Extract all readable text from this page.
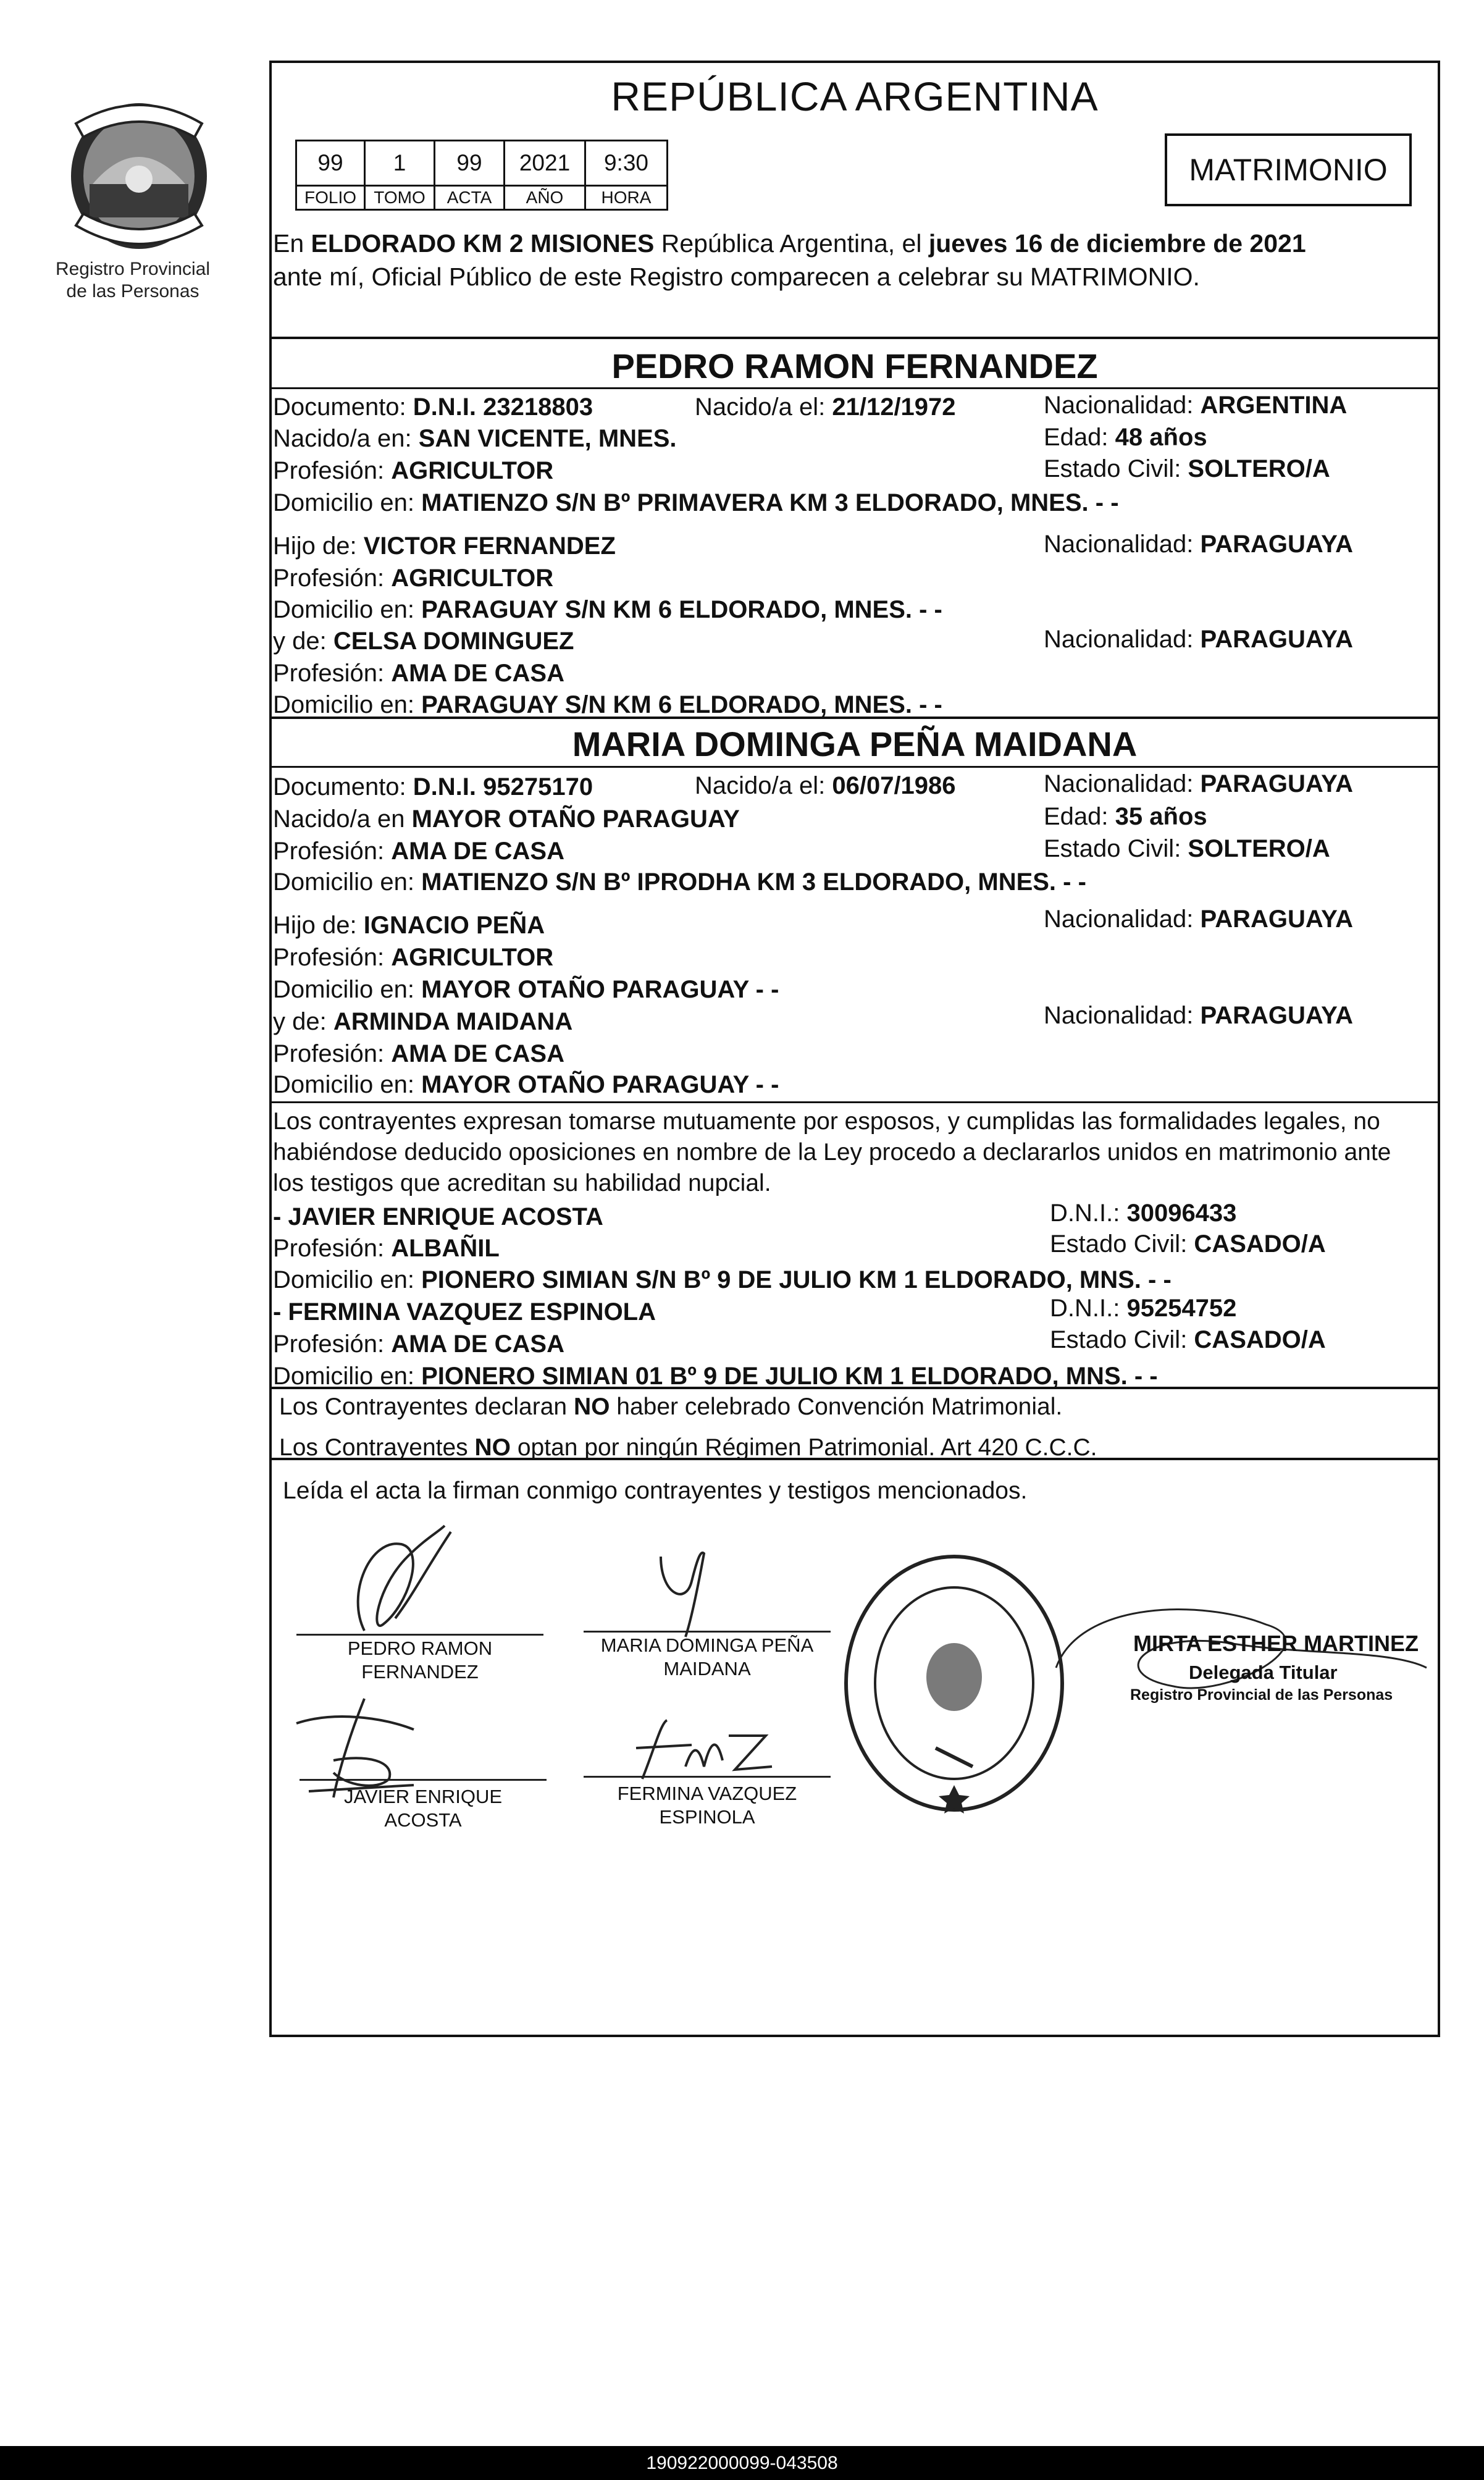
Registro Provincial
de las Personas
REPÚBLICA ARGENTINA
99	1	99	2021	9:30
FOLIO	TOMO	ACTA	AÑO	HORA
MATRIMONIO
En ELDORADO KM 2 MISIONES República Argentina, el jueves 16 de diciembre de 2021
ante mí, Oficial Público de este Registro comparecen a celebrar su MATRIMONIO.
PEDRO RAMON FERNANDEZ
Documento: D.N.I. 23218803	Nacido/a el: 21/12/1972	Nacionalidad: ARGENTINA
Nacido/a en: SAN VICENTE, MNES.	Edad: 48 años
Profesión: AGRICULTOR	Estado Civil: SOLTERO/A
Domicilio en: MATIENZO S/N Bº PRIMAVERA KM 3 ELDORADO, MNES. - -
Hijo de: VICTOR FERNANDEZ	Nacionalidad: PARAGUAYA
Profesión: AGRICULTOR
Domicilio en: PARAGUAY S/N KM 6 ELDORADO, MNES. - -
y de: CELSA DOMINGUEZ	Nacionalidad: PARAGUAYA
Profesión: AMA DE CASA
Domicilio en: PARAGUAY S/N KM 6 ELDORADO, MNES. - -
MARIA DOMINGA PEÑA MAIDANA
Documento: D.N.I. 95275170	Nacido/a el: 06/07/1986	Nacionalidad: PARAGUAYA
Nacido/a en MAYOR OTAÑO PARAGUAY	Edad: 35 años
Profesión: AMA DE CASA	Estado Civil: SOLTERO/A
Domicilio en: MATIENZO S/N Bº IPRODHA KM 3 ELDORADO, MNES. - -
Hijo de: IGNACIO PEÑA	Nacionalidad: PARAGUAYA
Profesión: AGRICULTOR
Domicilio en: MAYOR OTAÑO PARAGUAY - -
y de: ARMINDA MAIDANA	Nacionalidad: PARAGUAYA
Profesión: AMA DE CASA
Domicilio en: MAYOR OTAÑO PARAGUAY - -
Los contrayentes expresan tomarse mutuamente por esposos, y cumplidas las formalidades legales, no
habiéndose deducido oposiciones en nombre de la Ley procedo a declararlos unidos en matrimonio ante
los testigos que acreditan su habilidad nupcial.
- JAVIER ENRIQUE ACOSTA	D.N.I.: 30096433
Profesión: ALBAÑIL	Estado Civil: CASADO/A
Domicilio en: PIONERO SIMIAN S/N Bº 9 DE JULIO KM 1 ELDORADO, MNS. - -
- FERMINA VAZQUEZ ESPINOLA	D.N.I.: 95254752
Profesión: AMA DE CASA	Estado Civil: CASADO/A
Domicilio en: PIONERO SIMIAN 01 Bº 9 DE JULIO KM 1 ELDORADO, MNS. - -
Los Contrayentes declaran NO haber celebrado Convención Matrimonial.
Los Contrayentes NO optan por ningún Régimen Patrimonial. Art 420 C.C.C.
Leída el acta la firman conmigo contrayentes y testigos mencionados.
PEDRO RAMON
FERNANDEZ
MARIA DOMINGA PEÑA
MAIDANA
JAVIER ENRIQUE
ACOSTA
FERMINA VAZQUEZ
ESPINOLA
MIRTA ESTHER MARTINEZ
Delegada Titular
Registro Provincial de las Personas
190922000099-043508
